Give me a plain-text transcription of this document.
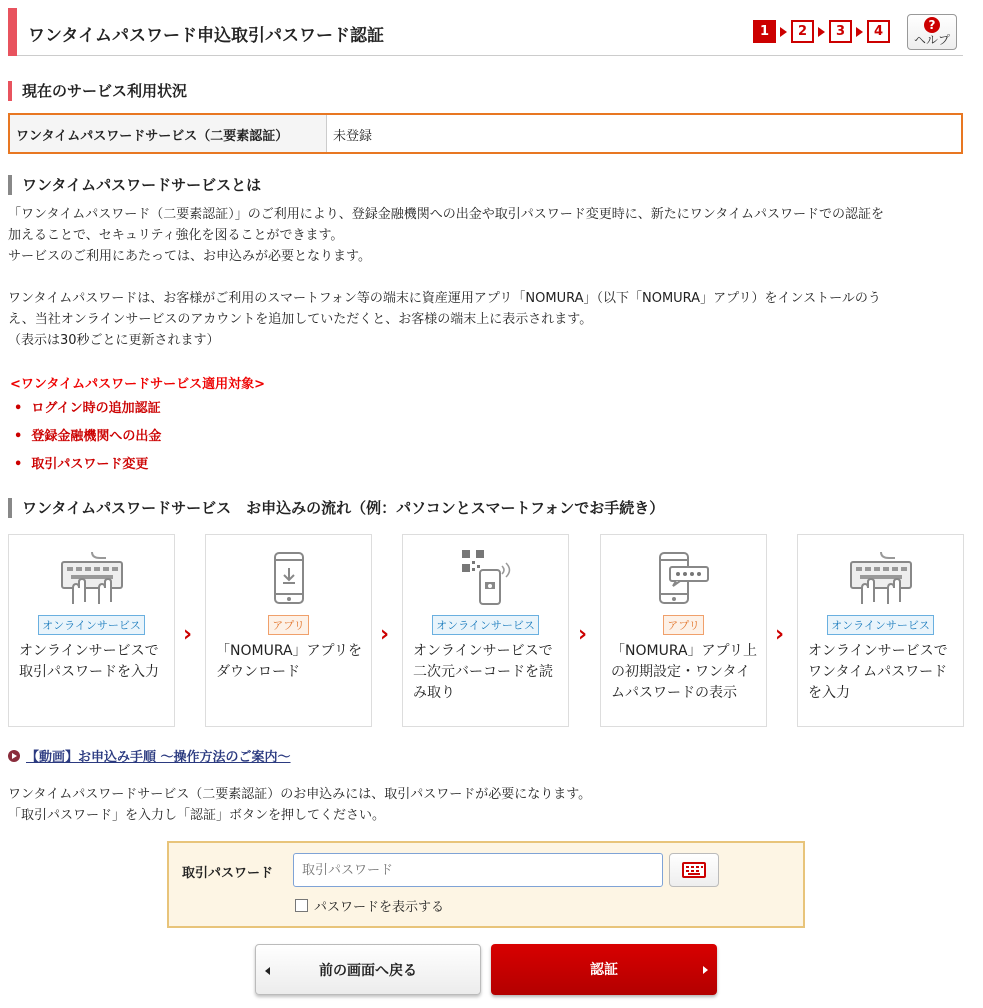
ワンタイムパスワード申込取引パスワード認証	1	2	3	4	?
ヘルプ
現在のサービス利用状況
ワンタイムパスワードサービス（二要素認証）	未登録
ワンタイムパスワードサービスとは
「ワンタイムパスワード（二要素認証）」のご利用により、登録金融機関への出金や取引パスワード変更時に、新たにワンタイムパスワードでの認証を
加えることで、セキュリティ強化を図ることができます。
サービスのご利用にあたっては、お申込みが必要となります。
ワンタイムパスワードは、お客様がご利用のスマートフォン等の端末に資産運用アプリ「NOMURA」（以下「NOMURA」アプリ）をインストールのう
え、当社オンラインサービスのアカウントを追加していただくと、お客様の端末上に表示されます。
（表示は30秒ごとに更新されます）
<ワンタイムパスワードサービス適用対象>
• ログイン時の追加認証
• 登録金融機関への出金
• 取引パスワード変更
ワンタイムパスワードサービス　お申込みの流れ（例：パソコンとスマートフォンでお手続き）
オンラインサービス
オンラインサービスで取引パスワードを入力
›	アプリ
「NOMURA」アプリをダウンロード
›	オンラインサービス
オンラインサービスで二次元バーコードを読み取り
›	アプリ
「NOMURA」アプリ上の初期設定・ワンタイムパスワードの表示
›	オンラインサービス
オンラインサービスでワンタイムパスワードを入力
【動画】お申込み手順 ～操作方法のご案内～
ワンタイムパスワードサービス（二要素認証）のお申込みには、取引パスワードが必要になります。
「取引パスワード」を入力し「認証」ボタンを押してください。
取引パスワード
取引パスワード
パスワードを表示する
前の画面へ戻る	認証
